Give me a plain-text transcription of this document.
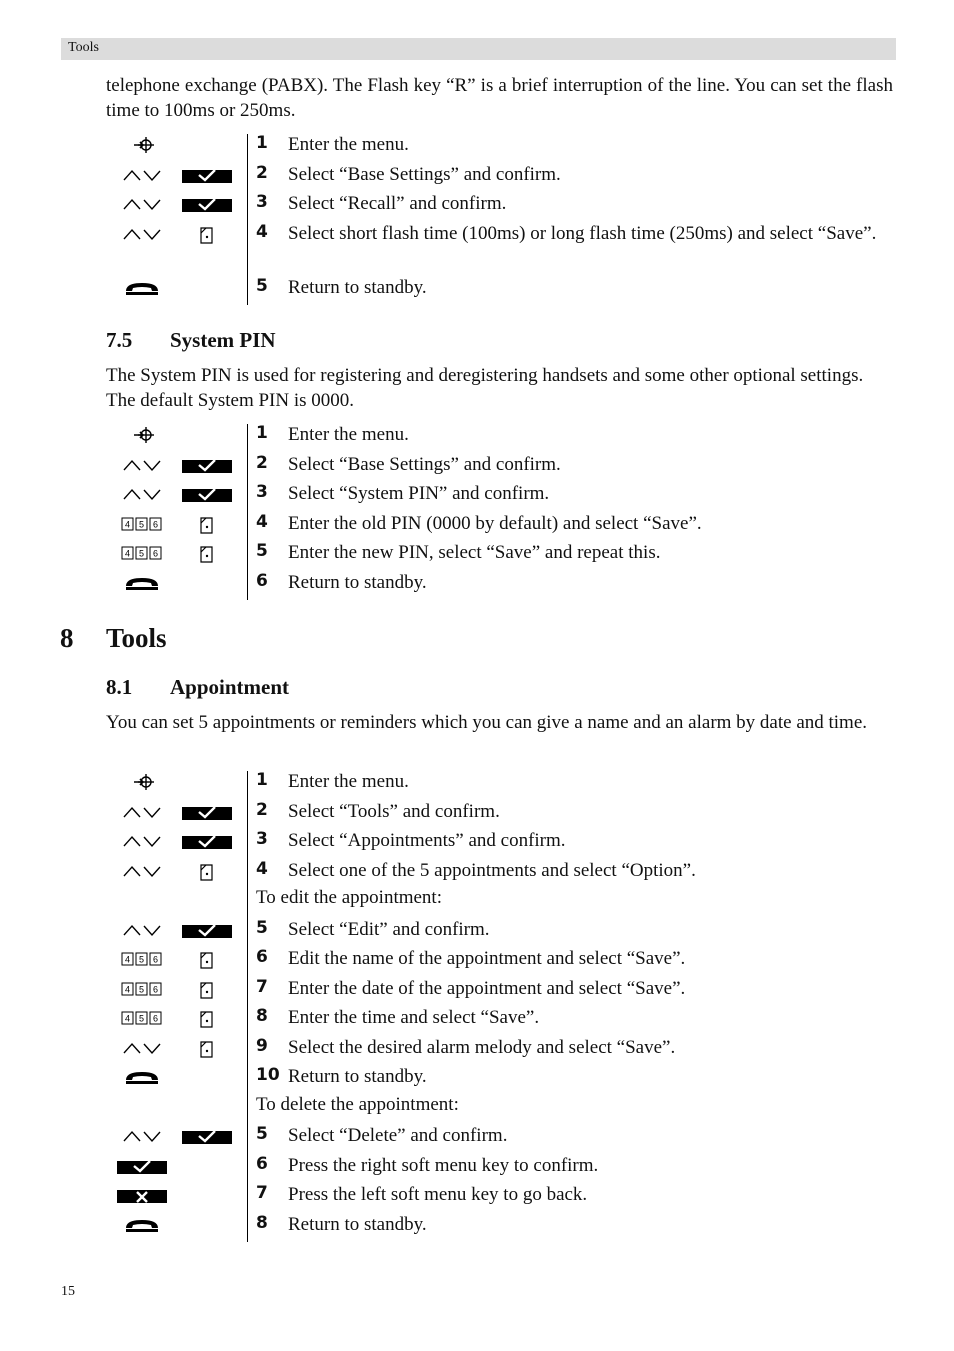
Tools

telephone exchange (PABX). The Flash key “R” is a brief interruption of the line. You can set the flash time to 100ms or 250ms.

1 Enter the menu.
2 Select “Base Settings” and confirm.
3 Select “Recall” and confirm.
4 Select short flash time (100ms) or long flash time (250ms) and select “Save”.
5 Return to standby.
7.5 System PIN

The System PIN is used for registering and deregistering handsets and some other optional settings. The default System PIN is 0000.

1 Enter the menu.
2 Select “Base Settings” and confirm.
3 Select “System PIN” and confirm.
4 5 6	4 Enter the old PIN (0000 by default) and select “Save”.
4 5 6	5 Enter the new PIN, select “Save” and repeat this.
6 Return to standby.
8 Tools
8.1 Appointment

You can set 5 appointments or reminders which you can give a name and an alarm by date and time.

1 Enter the menu.
2 Select “Tools” and confirm.
3 Select “Appointments” and confirm.
4 Select one of the 5 appointments and select “Option”.
To edit the appointment:
5 Select “Edit” and confirm.
4 5 6	6 Edit the name of the appointment and select “Save”.
4 5 6	7 Enter the date of the appointment and select “Save”.
4 5 6	8 Enter the time and select “Save”.
9 Select the desired alarm melody and select “Save”.
10 Return to standby.
To delete the appointment:
5 Select “Delete” and confirm.
6 Press the right soft menu key to confirm.
7 Press the left soft menu key to go back.
8 Return to standby.
15
